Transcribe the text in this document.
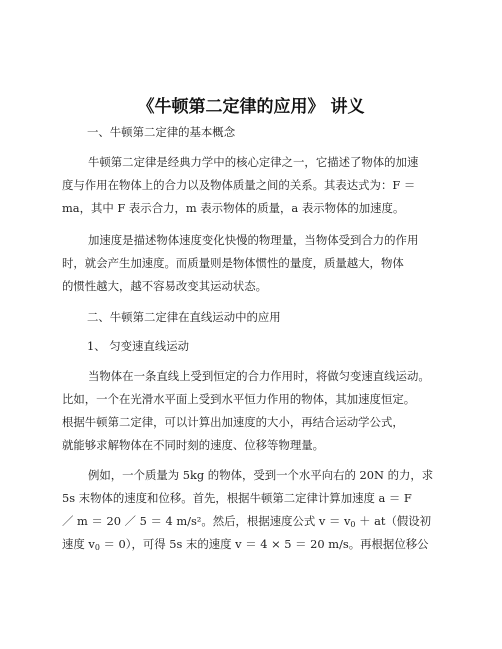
《牛顿第二定律的应用》 讲义
一、牛顿第二定律的基本概念
牛顿第二定律是经典力学中的核心定律之一，它描述了物体的加速
度与作用在物体上的合力以及物体质量之间的关系。其表达式为：F ＝
ma，其中 F 表示合力，m 表示物体的质量，a 表示物体的加速度。
加速度是描述物体速度变化快慢的物理量，当物体受到合力的作用
时，就会产生加速度。而质量则是物体惯性的量度，质量越大，物体
的惯性越大，越不容易改变其运动状态。
二、牛顿第二定律在直线运动中的应用
1、 匀变速直线运动
当物体在一条直线上受到恒定的合力作用时，将做匀变速直线运动。
比如，一个在光滑水平面上受到水平恒力作用的物体，其加速度恒定。
根据牛顿第二定律，可以计算出加速度的大小，再结合运动学公式，
就能够求解物体在不同时刻的速度、位移等物理量。
例如，一个质量为 5kg 的物体，受到一个水平向右的 20N 的力，求
5s 末物体的速度和位移。首先，根据牛顿第二定律计算加速度 a ＝ F
／ m ＝ 20 ／ 5 ＝ 4 m/s²。然后，根据速度公式 $v = v_0 + at$（假设初
速度 $v_0 = 0$），可得 5s 末的速度 v ＝ 4 × 5 ＝ 20 m/s。再根据位移公
